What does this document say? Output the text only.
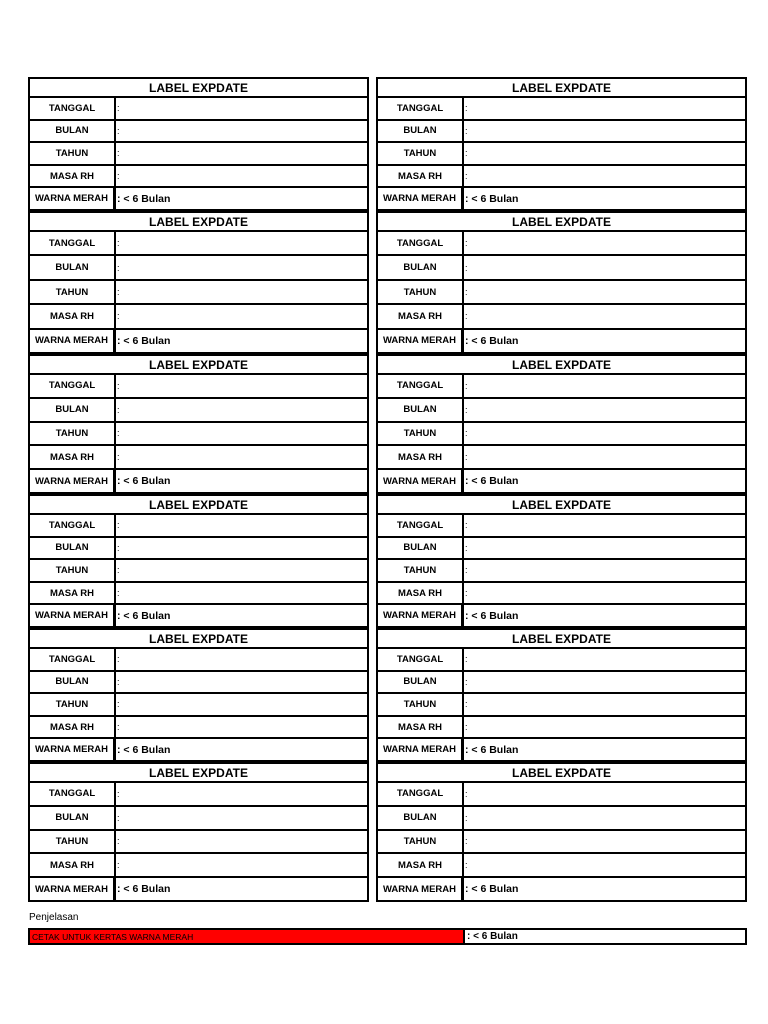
LABEL EXPDATE
TANGGAL	:
BULAN	:
TAHUN	:
MASA RH	:
WARNA MERAH : < 6 Bulan
LABEL EXPDATE
TANGGAL	:
BULAN	:
TAHUN	:
MASA RH	:
WARNA MERAH : < 6 Bulan
LABEL EXPDATE
TANGGAL	:
BULAN	:
TAHUN	:
MASA RH	:
WARNA MERAH : < 6 Bulan
LABEL EXPDATE
TANGGAL	:
BULAN	:
TAHUN	:
MASA RH	:
WARNA MERAH : < 6 Bulan
LABEL EXPDATE
TANGGAL	:
BULAN	:
TAHUN	:
MASA RH	:
WARNA MERAH : < 6 Bulan
LABEL EXPDATE
TANGGAL	:
BULAN	:
TAHUN	:
MASA RH	:
WARNA MERAH : < 6 Bulan
LABEL EXPDATE
TANGGAL	:
BULAN	:
TAHUN	:
MASA RH	:
WARNA MERAH : < 6 Bulan
LABEL EXPDATE
TANGGAL	:
BULAN	:
TAHUN	:
MASA RH	:
WARNA MERAH : < 6 Bulan
LABEL EXPDATE
TANGGAL	:
BULAN	:
TAHUN	:
MASA RH	:
WARNA MERAH : < 6 Bulan
LABEL EXPDATE
TANGGAL	:
BULAN	:
TAHUN	:
MASA RH	:
WARNA MERAH : < 6 Bulan
LABEL EXPDATE
TANGGAL	:
BULAN	:
TAHUN	:
MASA RH	:
WARNA MERAH : < 6 Bulan
LABEL EXPDATE
TANGGAL	:
BULAN	:
TAHUN	:
MASA RH	:
WARNA MERAH : < 6 Bulan
Penjelasan
CETAK UNTUK KERTAS WARNA MERAH	: < 6 Bulan
